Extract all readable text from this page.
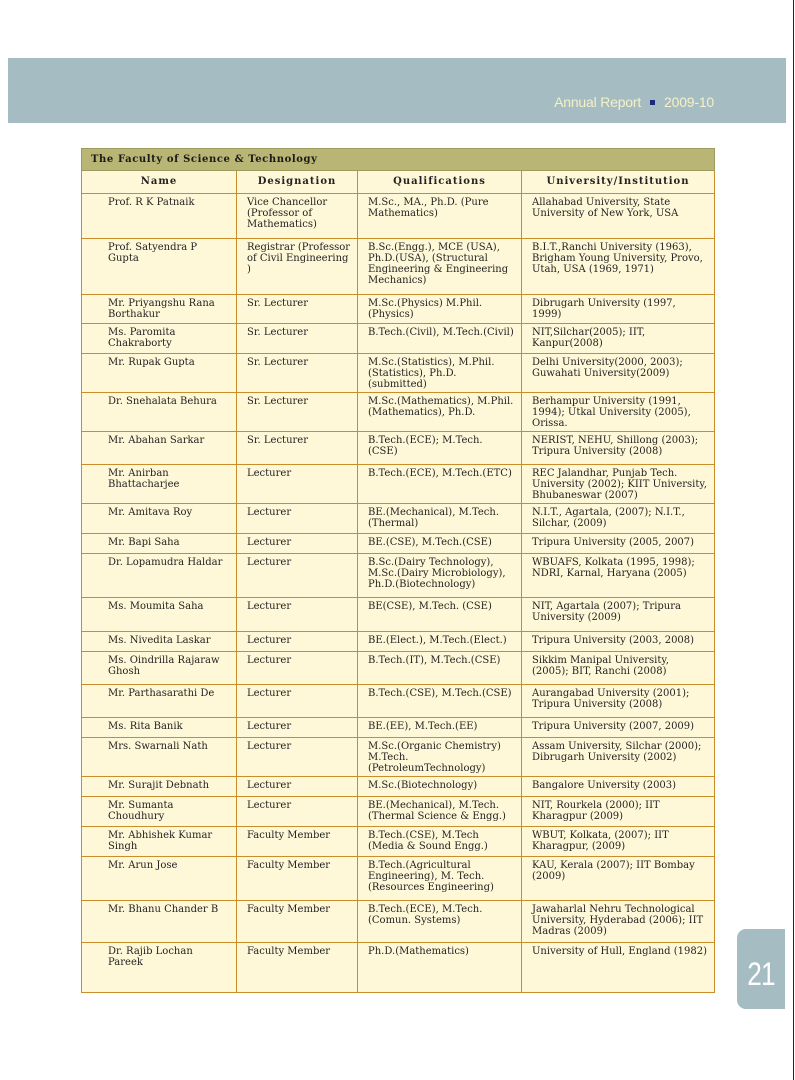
Annual Report 2009-10
The Faculty of Science & Technology			
Name	Designation	Qualifications	University/Institution
Prof. R K Patnaik	Vice Chancellor (Professor of Mathematics)	M.Sc., MA., Ph.D. (Pure Mathematics)	Allahabad University, State University of New York, USA
Prof. Satyendra P Gupta	Registrar (Professor of Civil Engineering )	B.Sc.(Engg.), MCE (USA), Ph.D.(USA), (Structural Engineering & Engineering Mechanics)	B.I.T.,Ranchi University (1963), Brigham Young University, Provo, Utah, USA (1969, 1971)
Mr. Priyangshu Rana Borthakur	Sr. Lecturer	M.Sc.(Physics) M.Phil.(Physics)	Dibrugarh University (1997, 1999)
Ms. Paromita Chakraborty	Sr. Lecturer	B.Tech.(Civil), M.Tech.(Civil)	NIT,Silchar(2005); IIT, Kanpur(2008)
Mr. Rupak Gupta	Sr. Lecturer	M.Sc.(Statistics), M.Phil. (Statistics), Ph.D. (submitted)	Delhi University(2000, 2003); Guwahati University(2009)
Dr. Snehalata Behura	Sr. Lecturer	M.Sc.(Mathematics), M.Phil.(Mathematics), Ph.D.	Berhampur University (1991, 1994); Utkal University (2005), Orissa.
Mr. Abahan Sarkar	Sr. Lecturer	B.Tech.(ECE); M.Tech. (CSE)	NERIST, NEHU, Shillong (2003); Tripura University (2008)
Mr. Anirban Bhattacharjee	Lecturer	B.Tech.(ECE), M.Tech.(ETC)	REC Jalandhar, Punjab Tech. University (2002); KIIT University, Bhubaneswar (2007)
Mr. Amitava Roy	Lecturer	BE.(Mechanical), M.Tech.(Thermal)	N.I.T., Agartala, (2007); N.I.T., Silchar, (2009)
Mr. Bapi Saha	Lecturer	BE.(CSE), M.Tech.(CSE)	Tripura University (2005, 2007)
Dr. Lopamudra Haldar	Lecturer	B.Sc.(Dairy Technology), M.Sc.(Dairy Microbiology), Ph.D.(Biotechnology)	WBUAFS, Kolkata (1995, 1998); NDRI, Karnal, Haryana (2005)
Ms. Moumita Saha	Lecturer	BE(CSE), M.Tech. (CSE)	NIT, Agartala (2007); Tripura University (2009)
Ms. Nivedita Laskar	Lecturer	BE.(Elect.), M.Tech.(Elect.)	Tripura University (2003, 2008)
Ms. Oindrilla Rajaraw Ghosh	Lecturer	B.Tech.(IT), M.Tech.(CSE)	Sikkim Manipal University, (2005); BIT, Ranchi (2008)
Mr. Parthasarathi De	Lecturer	B.Tech.(CSE), M.Tech.(CSE)	Aurangabad University (2001); Tripura University (2008)
Ms. Rita Banik	Lecturer	BE.(EE), M.Tech.(EE)	Tripura University (2007, 2009)
Mrs. Swarnali Nath	Lecturer	M.Sc.(Organic Chemistry) M.Tech.(PetroleumTechnology)	Assam University, Silchar (2000); Dibrugarh University (2002)
Mr. Surajit Debnath	Lecturer	M.Sc.(Biotechnology)	Bangalore University (2003)
Mr. Sumanta Choudhury	Lecturer	BE.(Mechanical), M.Tech. (Thermal Science & Engg.)	NIT, Rourkela (2000); IIT Kharagpur (2009)
Mr. Abhishek Kumar Singh	Faculty Member	B.Tech.(CSE), M.Tech (Media & Sound Engg.)	WBUT, Kolkata, (2007); IIT Kharagpur, (2009)
Mr. Arun Jose	Faculty Member	B.Tech.(Agricultural Engineering), M. Tech. (Resources Engineering)	KAU, Kerala (2007); IIT Bombay (2009)
Mr. Bhanu Chander B	Faculty Member	B.Tech.(ECE), M.Tech. (Comun. Systems)	Jawaharlal Nehru Technological University, Hyderabad (2006); IIT Madras (2009)
Dr. Rajib Lochan Pareek	Faculty Member	Ph.D.(Mathematics)	University of Hull, England (1982)
21
